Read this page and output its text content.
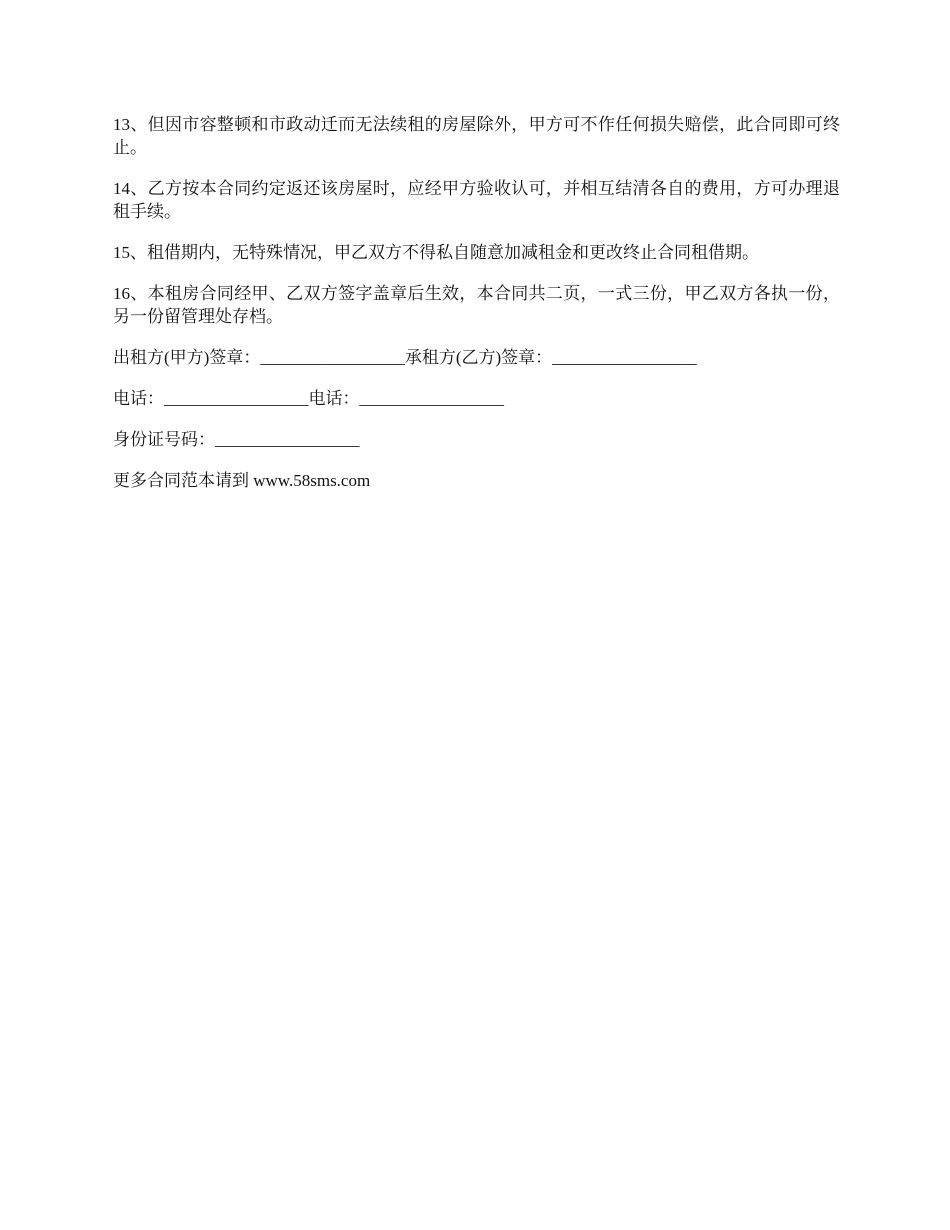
13、但因市容整顿和市政动迁而无法续租的房屋除外，甲方可不作任何损失赔偿，此合同即可终止。

14、乙方按本合同约定返还该房屋时，应经甲方验收认可，并相互结清各自的费用，方可办理退租手续。

15、租借期内，无特殊情况，甲乙双方不得私自随意加减租金和更改终止合同租借期。

16、本租房合同经甲、乙双方签字盖章后生效，本合同共二页，一式三份，甲乙双方各执一份，另一份留管理处存档。

出租方(甲方)签章：_________________承租方(乙方)签章：_________________
电话：_________________电话：_________________
身份证号码：_________________
更多合同范本请到 www.58sms.com
